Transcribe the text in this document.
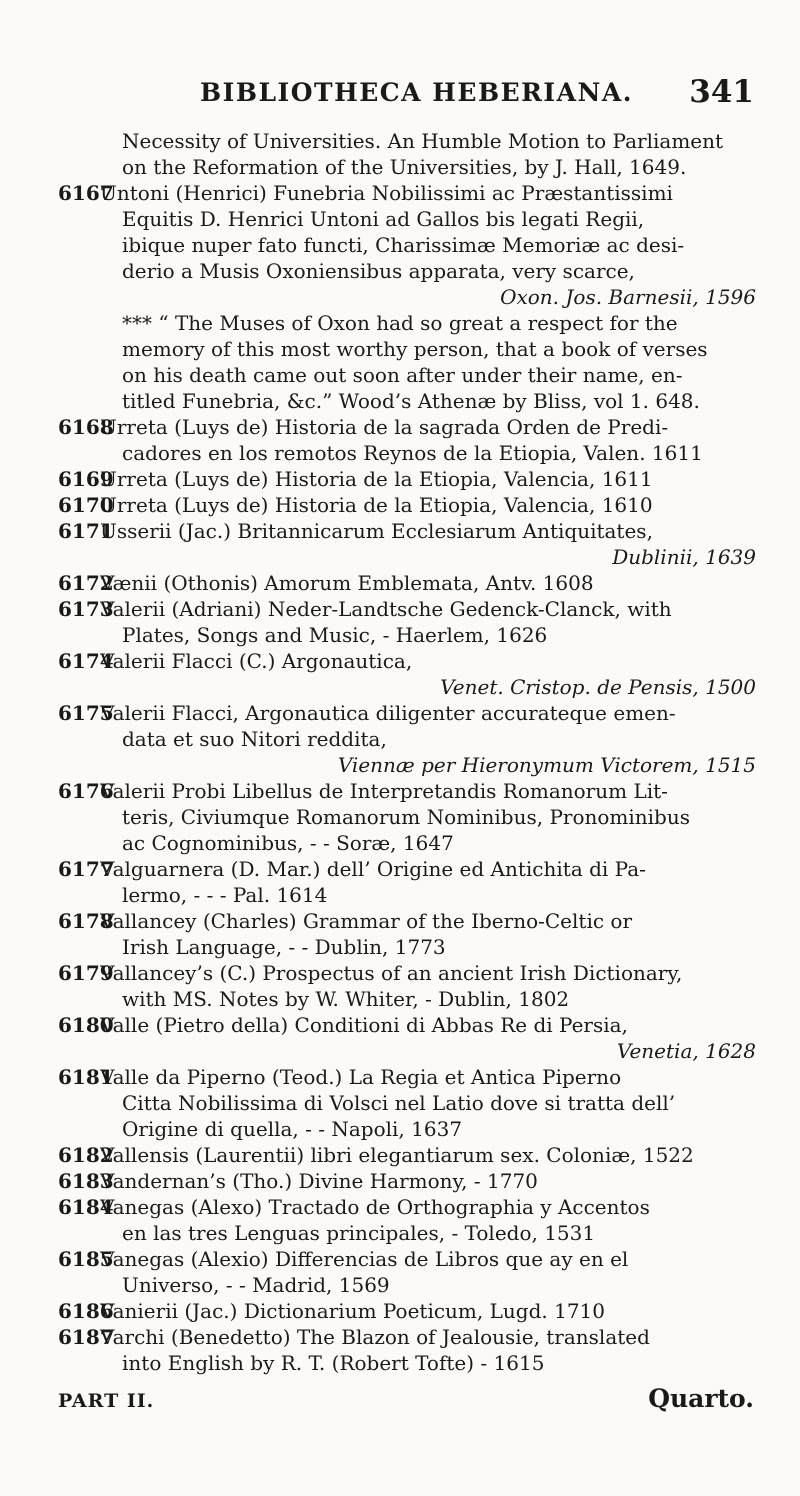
BIBLIOTHECA HEBERIANA. 341
Necessity of Universities. An Humble Motion to Parliament
on the Reformation of the Universities, by J. Hall, 1649.
6167
Untoni (Henrici) Funebria Nobilissimi ac Præstantissimi
Equitis D. Henrici Untoni ad Gallos bis legati Regii,
ibique nuper fato functi, Charissimæ Memoriæ ac desi-
derio a Musis Oxoniensibus apparata, very scarce,
Oxon. Jos. Barnesii, 1596
*** “ The Muses of Oxon had so great a respect for the
memory of this most worthy person, that a book of verses
on his death came out soon after under their name, en-
titled Funebria, &c.” Wood’s Athenæ by Bliss, vol 1. 648.
6168
Urreta (Luys de) Historia de la sagrada Orden de Predi-
cadores en los remotos Reynos de la Etiopia, Valen. 1611
6169
Urreta (Luys de) Historia de la Etiopia, Valencia, 1611
6170
Urreta (Luys de) Historia de la Etiopia, Valencia, 1610
6171
Usserii (Jac.) Britannicarum Ecclesiarum Antiquitates,
Dublinii, 1639
6172
Vænii (Othonis) Amorum Emblemata, Antv. 1608
6173
Valerii (Adriani) Neder-Landtsche Gedenck-Clanck, with
Plates, Songs and Music, - Haerlem, 1626
6174
Valerii Flacci (C.) Argonautica,
Venet. Cristop. de Pensis, 1500
6175
Valerii Flacci, Argonautica diligenter accurateque emen-
data et suo Nitori reddita,
Viennæ per Hieronymum Victorem, 1515
6176
Valerii Probi Libellus de Interpretandis Romanorum Lit-
teris, Civiumque Romanorum Nominibus, Pronominibus
ac Cognominibus, - - Soræ, 1647
6177
Valguarnera (D. Mar.) dell’ Origine ed Antichita di Pa-
lermo, - - - Pal. 1614
6178
Vallancey (Charles) Grammar of the Iberno-Celtic or
Irish Language, - - Dublin, 1773
6179
Vallancey’s (C.) Prospectus of an ancient Irish Dictionary,
with MS. Notes by W. Whiter, - Dublin, 1802
6180
Valle (Pietro della) Conditioni di Abbas Re di Persia,
Venetia, 1628
6181
Valle da Piperno (Teod.) La Regia et Antica Piperno
Citta Nobilissima di Volsci nel Latio dove si tratta dell’
Origine di quella, - - Napoli, 1637
6182
Vallensis (Laurentii) libri elegantiarum sex. Coloniæ, 1522
6183
Vandernan’s (Tho.) Divine Harmony, - 1770
6184
Vanegas (Alexo) Tractado de Orthographia y Accentos
en las tres Lenguas principales, - Toledo, 1531
6185
Vanegas (Alexio) Differencias de Libros que ay en el
Universo, - - Madrid, 1569
6186
Vanierii (Jac.) Dictionarium Poeticum, Lugd. 1710
6187
Varchi (Benedetto) The Blazon of Jealousie, translated
into English by R. T. (Robert Tofte) - 1615
PART II.	Quarto.
